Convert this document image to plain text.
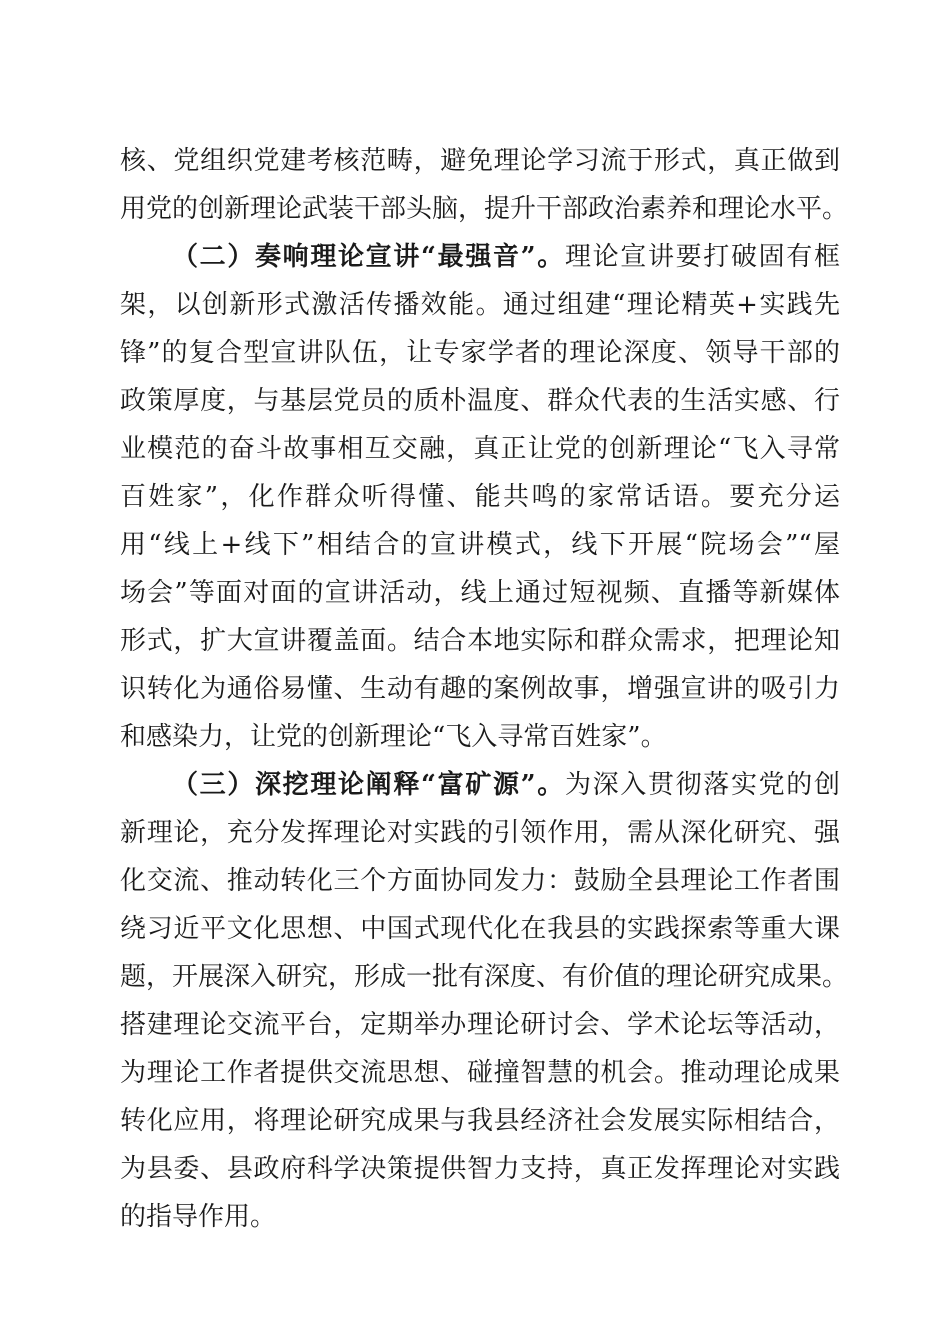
核、党组织党建考核范畴，避免理论学习流于形式，真正做到
用党的创新理论武装干部头脑，提升干部政治素养和理论水平。
（二）奏响理论宣讲“最强音”。理论宣讲要打破固有框
架，以创新形式激活传播效能。通过组建“理论精英+实践先
锋”的复合型宣讲队伍，让专家学者的理论深度、领导干部的
政策厚度，与基层党员的质朴温度、群众代表的生活实感、行
业模范的奋斗故事相互交融，真正让党的创新理论“飞入寻常
百姓家”，化作群众听得懂、能共鸣的家常话语。要充分运
用“线上+线下”相结合的宣讲模式，线下开展“院场会”“屋
场会”等面对面的宣讲活动，线上通过短视频、直播等新媒体
形式，扩大宣讲覆盖面。结合本地实际和群众需求，把理论知
识转化为通俗易懂、生动有趣的案例故事，增强宣讲的吸引力
和感染力，让党的创新理论“飞入寻常百姓家”。
（三）深挖理论阐释“富矿源”。为深入贯彻落实党的创
新理论，充分发挥理论对实践的引领作用，需从深化研究、强
化交流、推动转化三个方面协同发力：鼓励全县理论工作者围
绕习近平文化思想、中国式现代化在我县的实践探索等重大课
题，开展深入研究，形成一批有深度、有价值的理论研究成果。
搭建理论交流平台，定期举办理论研讨会、学术论坛等活动，
为理论工作者提供交流思想、碰撞智慧的机会。推动理论成果
转化应用，将理论研究成果与我县经济社会发展实际相结合，
为县委、县政府科学决策提供智力支持，真正发挥理论对实践
的指导作用。
